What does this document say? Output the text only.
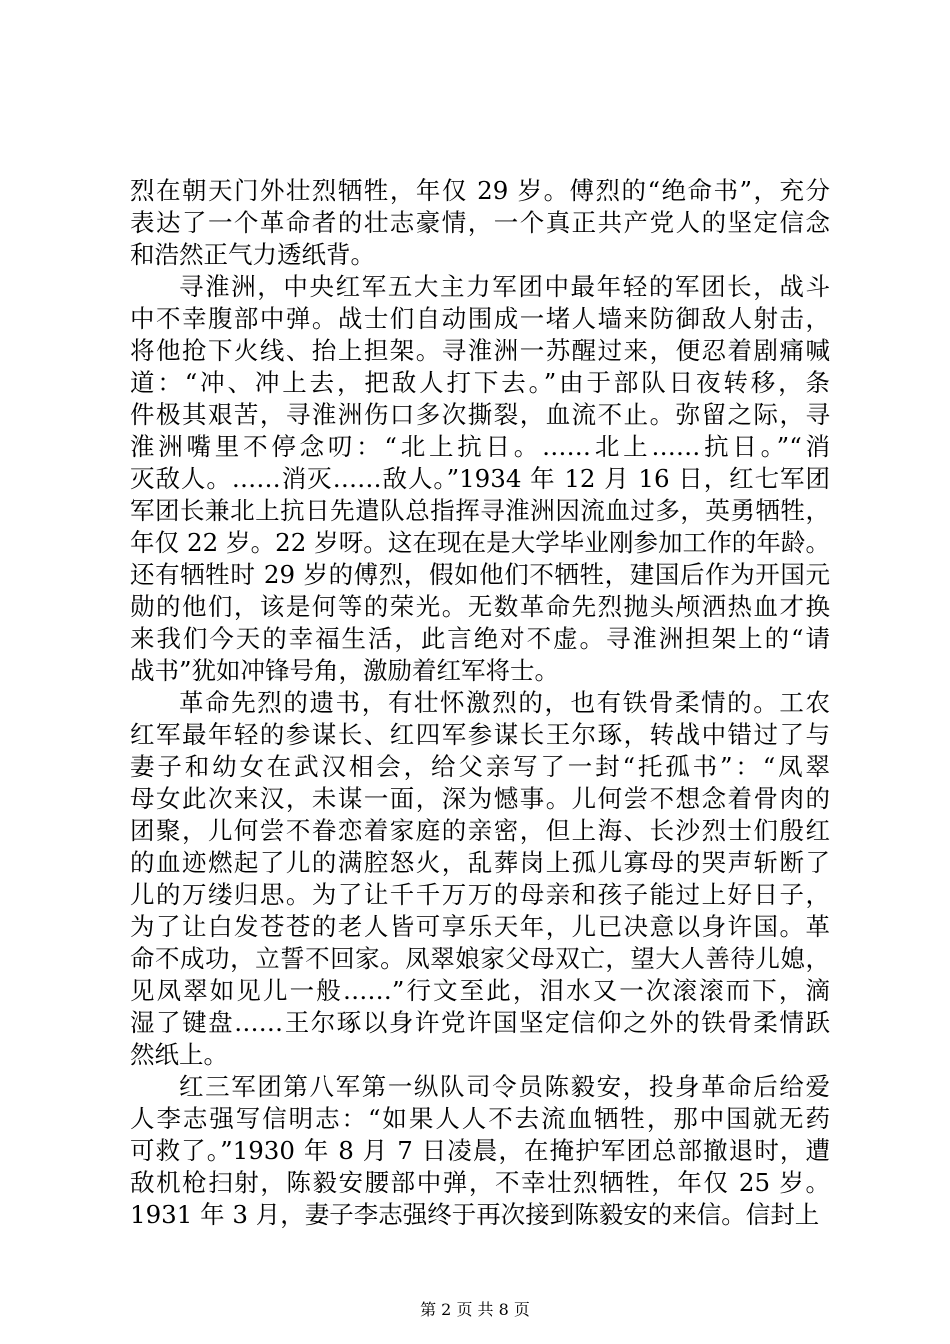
烈在朝天门外壮烈牺牲，年仅 29 岁。傅烈的“绝命书”，充分
表达了一个革命者的壮志豪情，一个真正共产党人的坚定信念
和浩然正气力透纸背。
寻淮洲，中央红军五大主力军团中最年轻的军团长，战斗
中不幸腹部中弹。战士们自动围成一堵人墙来防御敌人射击，
将他抢下火线、抬上担架。寻淮洲一苏醒过来，便忍着剧痛喊
道：“冲、冲上去，把敌人打下去。”由于部队日夜转移，条
件极其艰苦，寻淮洲伤口多次撕裂，血流不止。弥留之际，寻
淮洲嘴里不停念叨：“北上抗日。……北上……抗日。”“消
灭敌人。……消灭……敌人。”1934 年 12 月 16 日，红七军团
军团长兼北上抗日先遣队总指挥寻淮洲因流血过多，英勇牺牲，
年仅 22 岁。22 岁呀。这在现在是大学毕业刚参加工作的年龄。
还有牺牲时 29 岁的傅烈，假如他们不牺牲，建国后作为开国元
勋的他们，该是何等的荣光。无数革命先烈抛头颅洒热血才换
来我们今天的幸福生活，此言绝对不虚。寻淮洲担架上的“请
战书”犹如冲锋号角，激励着红军将士。
革命先烈的遗书，有壮怀激烈的，也有铁骨柔情的。工农
红军最年轻的参谋长、红四军参谋长王尔琢，转战中错过了与
妻子和幼女在武汉相会，给父亲写了一封“托孤书”：“凤翠
母女此次来汉，未谋一面，深为憾事。儿何尝不想念着骨肉的
团聚，儿何尝不眷恋着家庭的亲密，但上海、长沙烈士们殷红
的血迹燃起了儿的满腔怒火，乱葬岗上孤儿寡母的哭声斩断了
儿的万缕归思。为了让千千万万的母亲和孩子能过上好日子，
为了让白发苍苍的老人皆可享乐天年，儿已决意以身许国。革
命不成功，立誓不回家。凤翠娘家父母双亡，望大人善待儿媳，
见凤翠如见儿一般……”行文至此，泪水又一次滚滚而下，滴
湿了键盘……王尔琢以身许党许国坚定信仰之外的铁骨柔情跃
然纸上。
红三军团第八军第一纵队司令员陈毅安，投身革命后给爱
人李志强写信明志：“如果人人不去流血牺牲，那中国就无药
可救了。”1930 年 8 月 7 日凌晨，在掩护军团总部撤退时，遭
敌机枪扫射，陈毅安腰部中弹，不幸壮烈牺牲，年仅 25 岁。
1931 年 3 月，妻子李志强终于再次接到陈毅安的来信。信封上
第 2 页 共 8 页
